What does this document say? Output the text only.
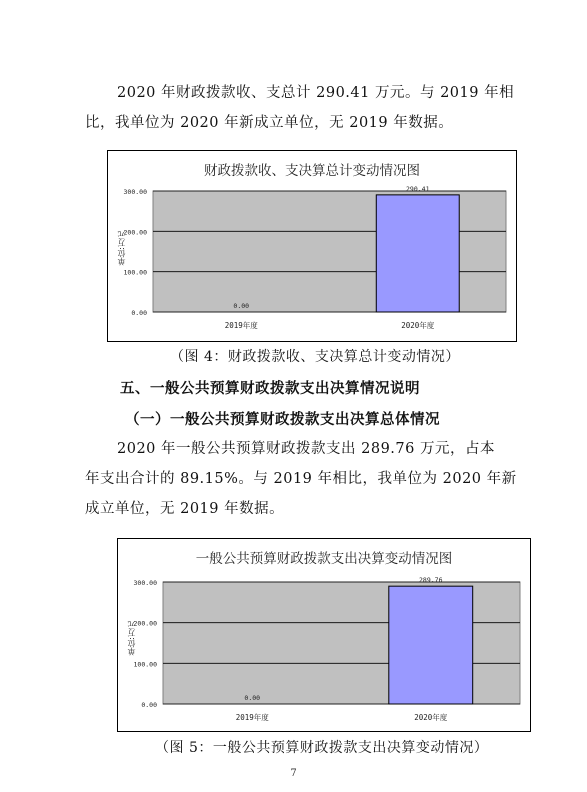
2020 年财政拨款收、支总计 290.41 万元。与 2019 年相
比，我单位为 2020 年新成立单位，无 2019 年数据。
财政拨款收、支决算总计变动情况图
单位:万元
0.00
100.00
200.00
300.00
0.00
2019年度
290.41
2020年度
（图 4：财政拨款收、支决算总计变动情况）
五、一般公共预算财政拨款支出决算情况说明
（一）一般公共预算财政拨款支出决算总体情况
2020 年一般公共预算财政拨款支出 289.76 万元，占本
年支出合计的 89.15%。与 2019 年相比，我单位为 2020 年新
成立单位，无 2019 年数据。
一般公共预算财政拨款支出决算变动情况图
单位:万元
0.00
100.00
200.00
300.00
0.00
2019年度
289.76
2020年度
（图 5：一般公共预算财政拨款支出决算变动情况）
7
